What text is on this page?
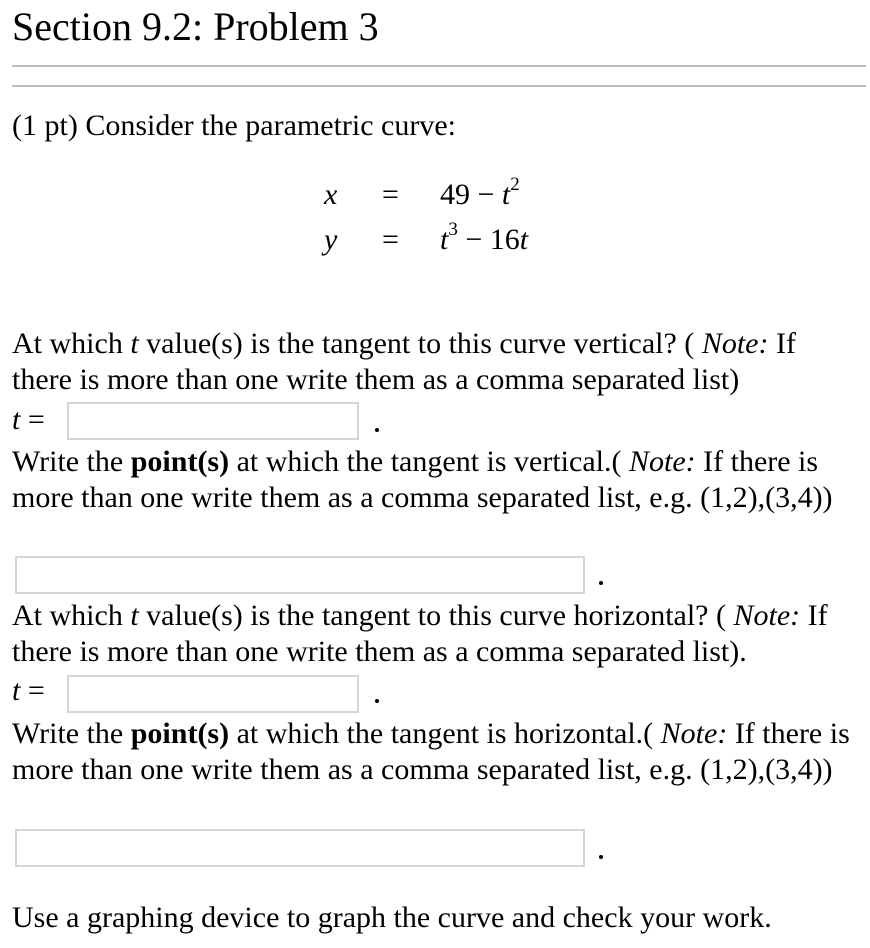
Section 9.2: Problem 3
(1 pt) Consider the parametric curve:
$x = 49 - t^2$
$y = t^3 - 16t$
At which t value(s) is the tangent to this curve vertical? ( Note: If there is more than one write them as a comma separated list)
t =
Write the point(s) at which the tangent is vertical.( Note: If there is more than one write them as a comma separated list, e.g. (1,2),(3,4))
At which t value(s) is the tangent to this curve horizontal? ( Note: If there is more than one write them as a comma separated list).
t =
Write the point(s) at which the tangent is horizontal.( Note: If there is more than one write them as a comma separated list, e.g. (1,2),(3,4))
Use a graphing device to graph the curve and check your work.
